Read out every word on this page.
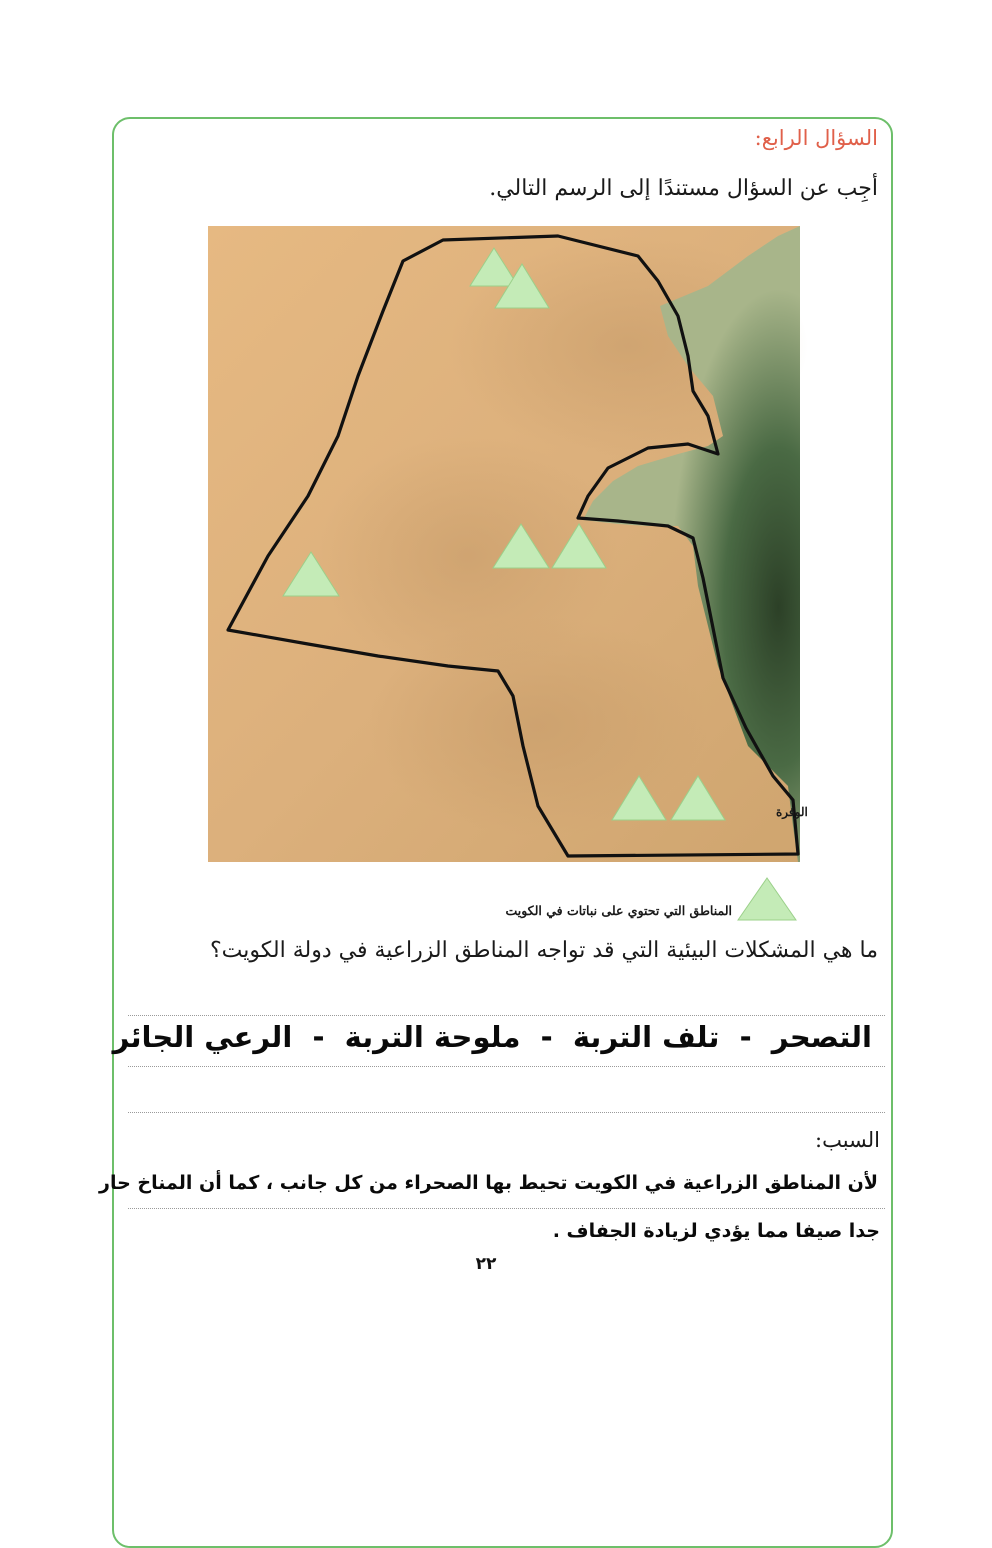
السؤال الرابع:
أجِب عن السؤال مستندًا إلى الرسم التالي.
الوفرة
المناطق التي تحتوي على نباتات في الكويت
ما هي المشكلات البيئية التي قد تواجه المناطق الزراعية في دولة الكويت؟
التصحر  -  تلف التربة  -  ملوحة التربة  -  الرعي الجائر
السبب:
لأن المناطق الزراعية في الكويت تحيط بها الصحراء من كل جانب ، كما أن المناخ حار
جدا صيفا مما يؤدي لزيادة الجفاف .
٢٢
